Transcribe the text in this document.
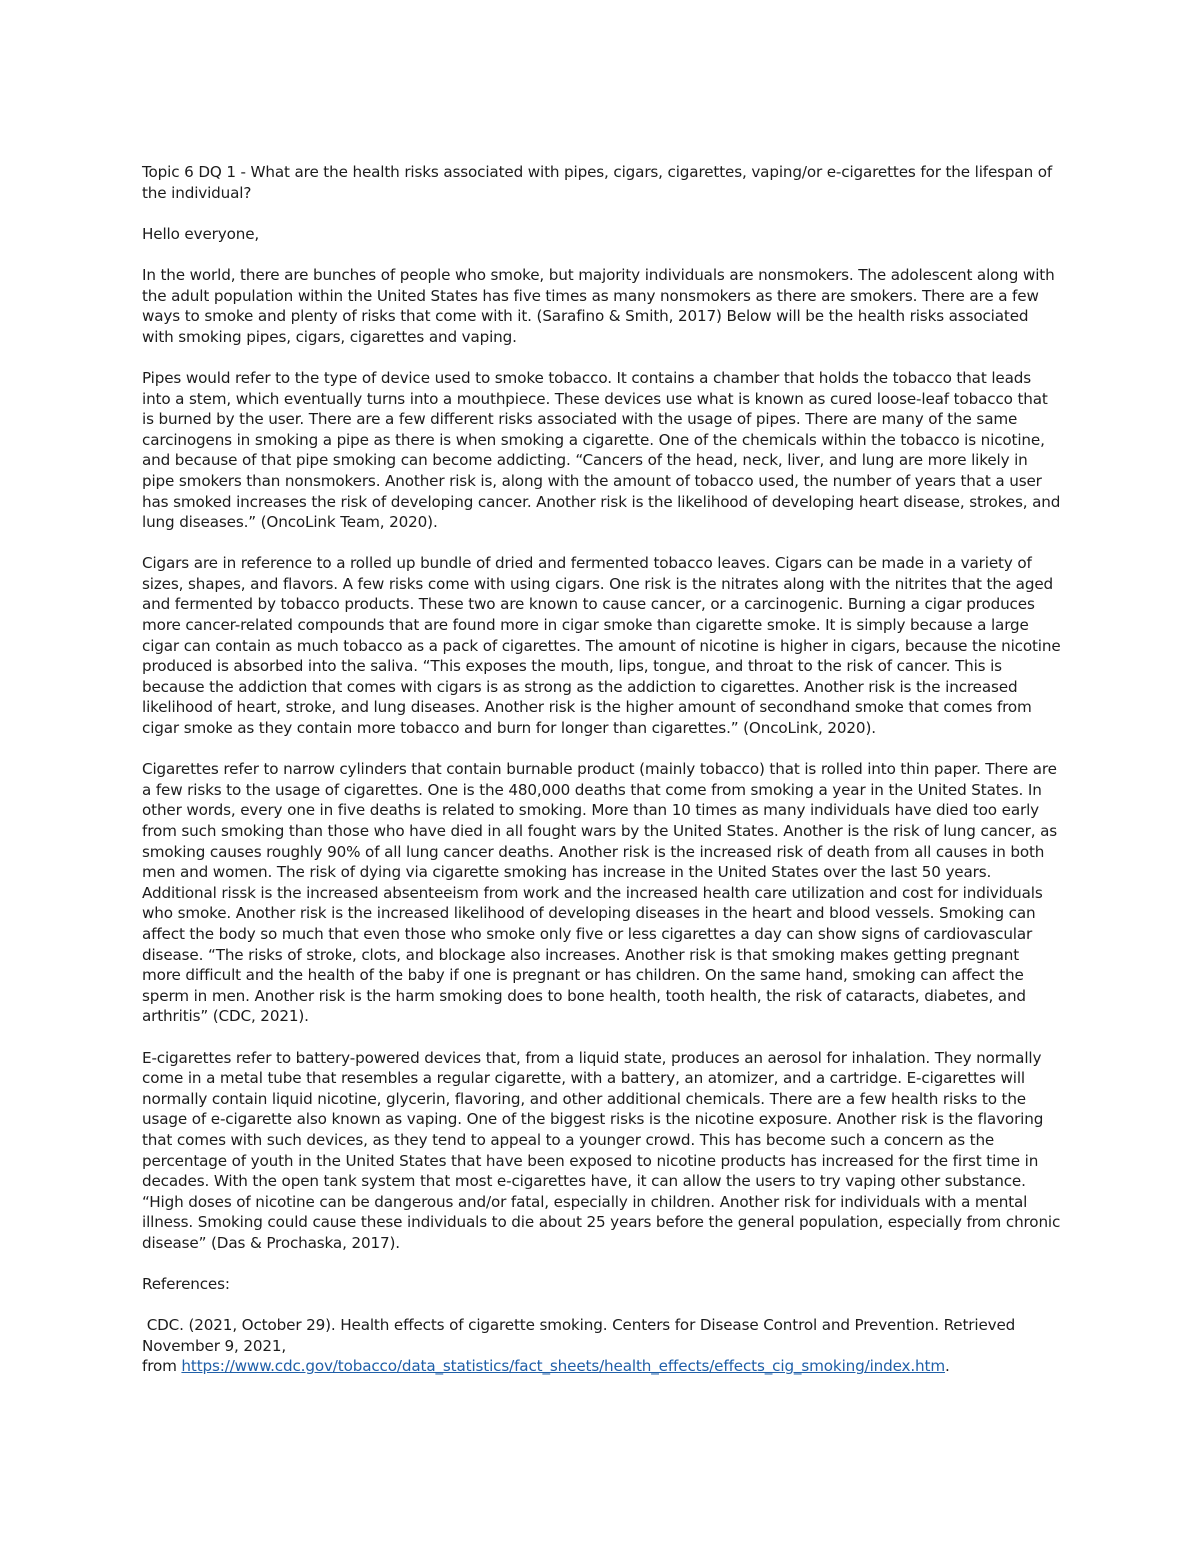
Topic 6 DQ 1 - What are the health risks associated with pipes, cigars, cigarettes, vaping/or e-cigarettes for the lifespan of the individual?

Hello everyone,

In the world, there are bunches of people who smoke, but majority individuals are nonsmokers. The adolescent along with the adult population within the United States has five times as many nonsmokers as there are smokers. There are a few ways to smoke and plenty of risks that come with it. (Sarafino & Smith, 2017) Below will be the health risks associated with smoking pipes, cigars, cigarettes and vaping.

Pipes would refer to the type of device used to smoke tobacco. It contains a chamber that holds the tobacco that leads into a stem, which eventually turns into a mouthpiece. These devices use what is known as cured loose-leaf tobacco that is burned by the user. There are a few different risks associated with the usage of pipes. There are many of the same carcinogens in smoking a pipe as there is when smoking a cigarette. One of the chemicals within the tobacco is nicotine, and because of that pipe smoking can become addicting. “Cancers of the head, neck, liver, and lung are more likely in pipe smokers than nonsmokers. Another risk is, along with the amount of tobacco used, the number of years that a user has smoked increases the risk of developing cancer. Another risk is the likelihood of developing heart disease, strokes, and lung diseases.” (OncoLink Team, 2020).

Cigars are in reference to a rolled up bundle of dried and fermented tobacco leaves. Cigars can be made in a variety of sizes, shapes, and flavors. A few risks come with using cigars. One risk is the nitrates along with the nitrites that the aged and fermented by tobacco products. These two are known to cause cancer, or a carcinogenic. Burning a cigar produces more cancer-related compounds that are found more in cigar smoke than cigarette smoke. It is simply because a large cigar can contain as much tobacco as a pack of cigarettes. The amount of nicotine is higher in cigars, because the nicotine produced is absorbed into the saliva. “This exposes the mouth, lips, tongue, and throat to the risk of cancer. This is because the addiction that comes with cigars is as strong as the addiction to cigarettes. Another risk is the increased likelihood of heart, stroke, and lung diseases. Another risk is the higher amount of secondhand smoke that comes from cigar smoke as they contain more tobacco and burn for longer than cigarettes.” (OncoLink, 2020).

Cigarettes refer to narrow cylinders that contain burnable product (mainly tobacco) that is rolled into thin paper. There are a few risks to the usage of cigarettes. One is the 480,000 deaths that come from smoking a year in the United States. In other words, every one in five deaths is related to smoking. More than 10 times as many individuals have died too early from such smoking than those who have died in all fought wars by the United States. Another is the risk of lung cancer, as smoking causes roughly 90% of all lung cancer deaths. Another risk is the increased risk of death from all causes in both men and women. The risk of dying via cigarette smoking has increase in the United States over the last 50 years. Additional rissk is the increased absenteeism from work and the increased health care utilization and cost for individuals who smoke. Another risk is the increased likelihood of developing diseases in the heart and blood vessels. Smoking can affect the body so much that even those who smoke only five or less cigarettes a day can show signs of cardiovascular disease. “The risks of stroke, clots, and blockage also increases. Another risk is that smoking makes getting pregnant more difficult and the health of the baby if one is pregnant or has children. On the same hand, smoking can affect the sperm in men. Another risk is the harm smoking does to bone health, tooth health, the risk of cataracts, diabetes, and arthritis” (CDC, 2021).

E-cigarettes refer to battery-powered devices that, from a liquid state, produces an aerosol for inhalation. They normally come in a metal tube that resembles a regular cigarette, with a battery, an atomizer, and a cartridge. E-cigarettes will normally contain liquid nicotine, glycerin, flavoring, and other additional chemicals. There are a few health risks to the usage of e-cigarette also known as vaping. One of the biggest risks is the nicotine exposure. Another risk is the flavoring that comes with such devices, as they tend to appeal to a younger crowd. This has become such a concern as the percentage of youth in the United States that have been exposed to nicotine products has increased for the first time in decades. With the open tank system that most e-cigarettes have, it can allow the users to try vaping other substance. “High doses of nicotine can be dangerous and/or fatal, especially in children. Another risk for individuals with a mental illness. Smoking could cause these individuals to die about 25 years before the general population, especially from chronic disease” (Das & Prochaska, 2017).

References:

CDC. (2021, October 29). Health effects of cigarette smoking. Centers for Disease Control and Prevention. Retrieved November 9, 2021,
from https://www.cdc.gov/tobacco/data_statistics/fact_sheets/health_effects/effects_cig_smoking/index.htm.
